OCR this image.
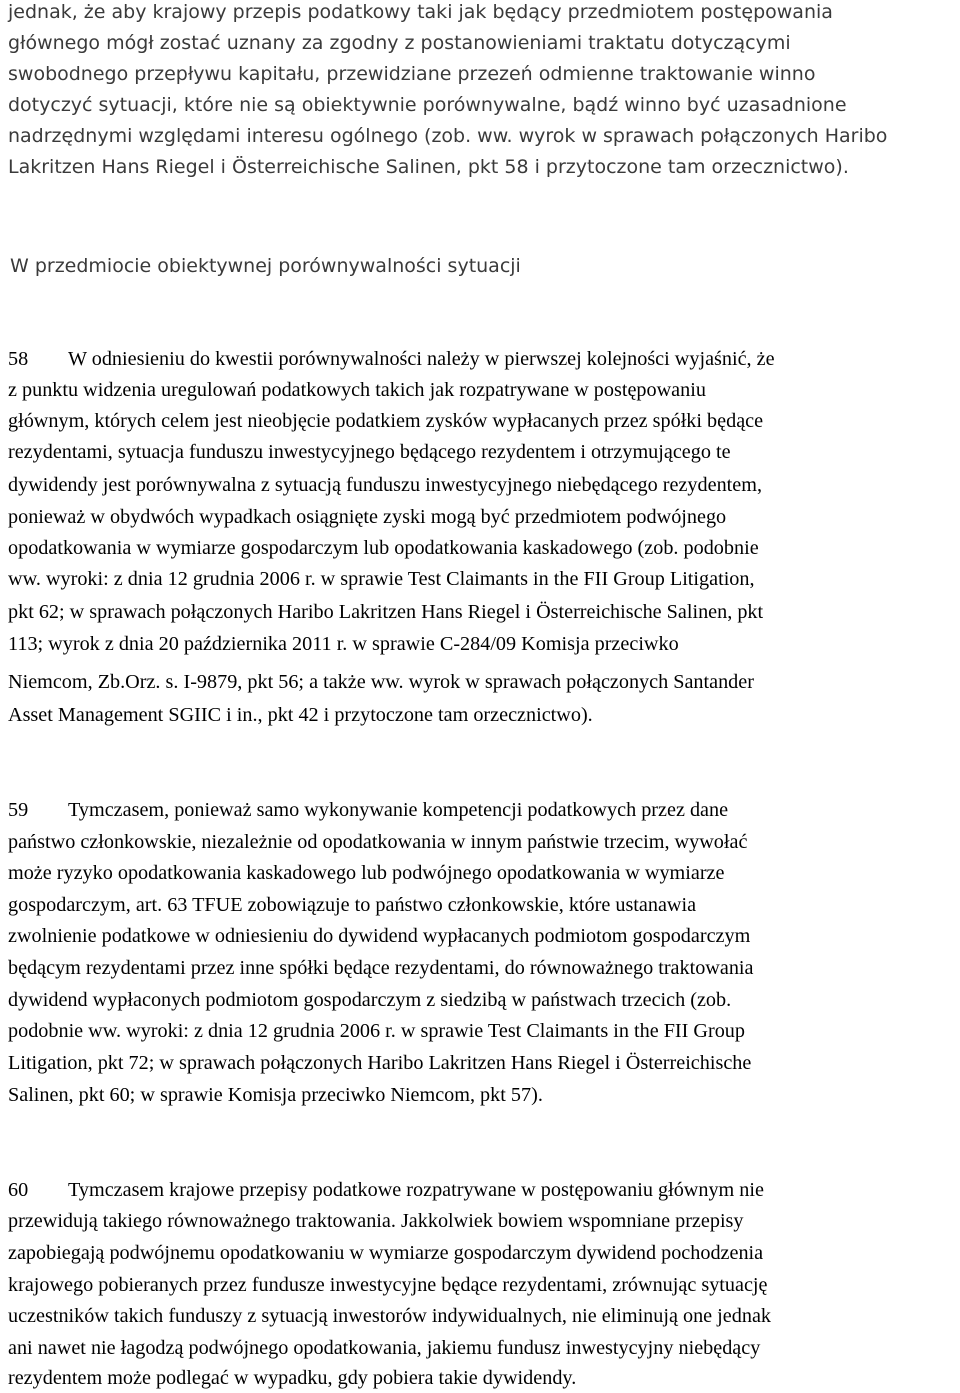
jednak, że aby krajowy przepis podatkowy taki jak będący przedmiotem postępowania

głównego mógł zostać uznany za zgodny z postanowieniami traktatu dotyczącymi

swobodnego przepływu kapitału, przewidziane przezeń odmienne traktowanie winno

dotyczyć sytuacji, które nie są obiektywnie porównywalne, bądź winno być uzasadnione

nadrzędnymi względami interesu ogólnego (zob. ww. wyrok w sprawach połączonych Haribo

Lakritzen Hans Riegel i Österreichische Salinen, pkt 58 i przytoczone tam orzecznictwo).

W przedmiocie obiektywnej porównywalności sytuacji

58 W odniesieniu do kwestii porównywalności należy w pierwszej kolejności wyjaśnić, że

z punktu widzenia uregulowań podatkowych takich jak rozpatrywane w postępowaniu

głównym, których celem jest nieobjęcie podatkiem zysków wypłacanych przez spółki będące

rezydentami, sytuacja funduszu inwestycyjnego będącego rezydentem i otrzymującego te

dywidendy jest porównywalna z sytuacją funduszu inwestycyjnego niebędącego rezydentem,

ponieważ w obydwóch wypadkach osiągnięte zyski mogą być przedmiotem podwójnego

opodatkowania w wymiarze gospodarczym lub opodatkowania kaskadowego (zob. podobnie

ww. wyroki: z dnia 12 grudnia 2006 r. w sprawie Test Claimants in the FII Group Litigation,

pkt 62; w sprawach połączonych Haribo Lakritzen Hans Riegel i Österreichische Salinen, pkt

113; wyrok z dnia 20 października 2011 r. w sprawie C‑284/09 Komisja przeciwko

Niemcom, Zb.Orz. s. I‑9879, pkt 56; a także ww. wyrok w sprawach połączonych Santander

Asset Management SGIIC i in., pkt 42 i przytoczone tam orzecznictwo).

59 Tymczasem, ponieważ samo wykonywanie kompetencji podatkowych przez dane

państwo członkowskie, niezależnie od opodatkowania w innym państwie trzecim, wywołać

może ryzyko opodatkowania kaskadowego lub podwójnego opodatkowania w wymiarze

gospodarczym, art. 63 TFUE zobowiązuje to państwo członkowskie, które ustanawia

zwolnienie podatkowe w odniesieniu do dywidend wypłacanych podmiotom gospodarczym

będącym rezydentami przez inne spółki będące rezydentami, do równoważnego traktowania

dywidend wypłaconych podmiotom gospodarczym z siedzibą w państwach trzecich (zob.

podobnie ww. wyroki: z dnia 12 grudnia 2006 r. w sprawie Test Claimants in the FII Group

Litigation, pkt 72; w sprawach połączonych Haribo Lakritzen Hans Riegel i Österreichische

Salinen, pkt 60; w sprawie Komisja przeciwko Niemcom, pkt 57).

60 Tymczasem krajowe przepisy podatkowe rozpatrywane w postępowaniu głównym nie

przewidują takiego równoważnego traktowania. Jakkolwiek bowiem wspomniane przepisy

zapobiegają podwójnemu opodatkowaniu w wymiarze gospodarczym dywidend pochodzenia

krajowego pobieranych przez fundusze inwestycyjne będące rezydentami, zrównując sytuację

uczestników takich funduszy z sytuacją inwestorów indywidualnych, nie eliminują one jednak

ani nawet nie łagodzą podwójnego opodatkowania, jakiemu fundusz inwestycyjny niebędący

rezydentem może podlegać w wypadku, gdy pobiera takie dywidendy.
